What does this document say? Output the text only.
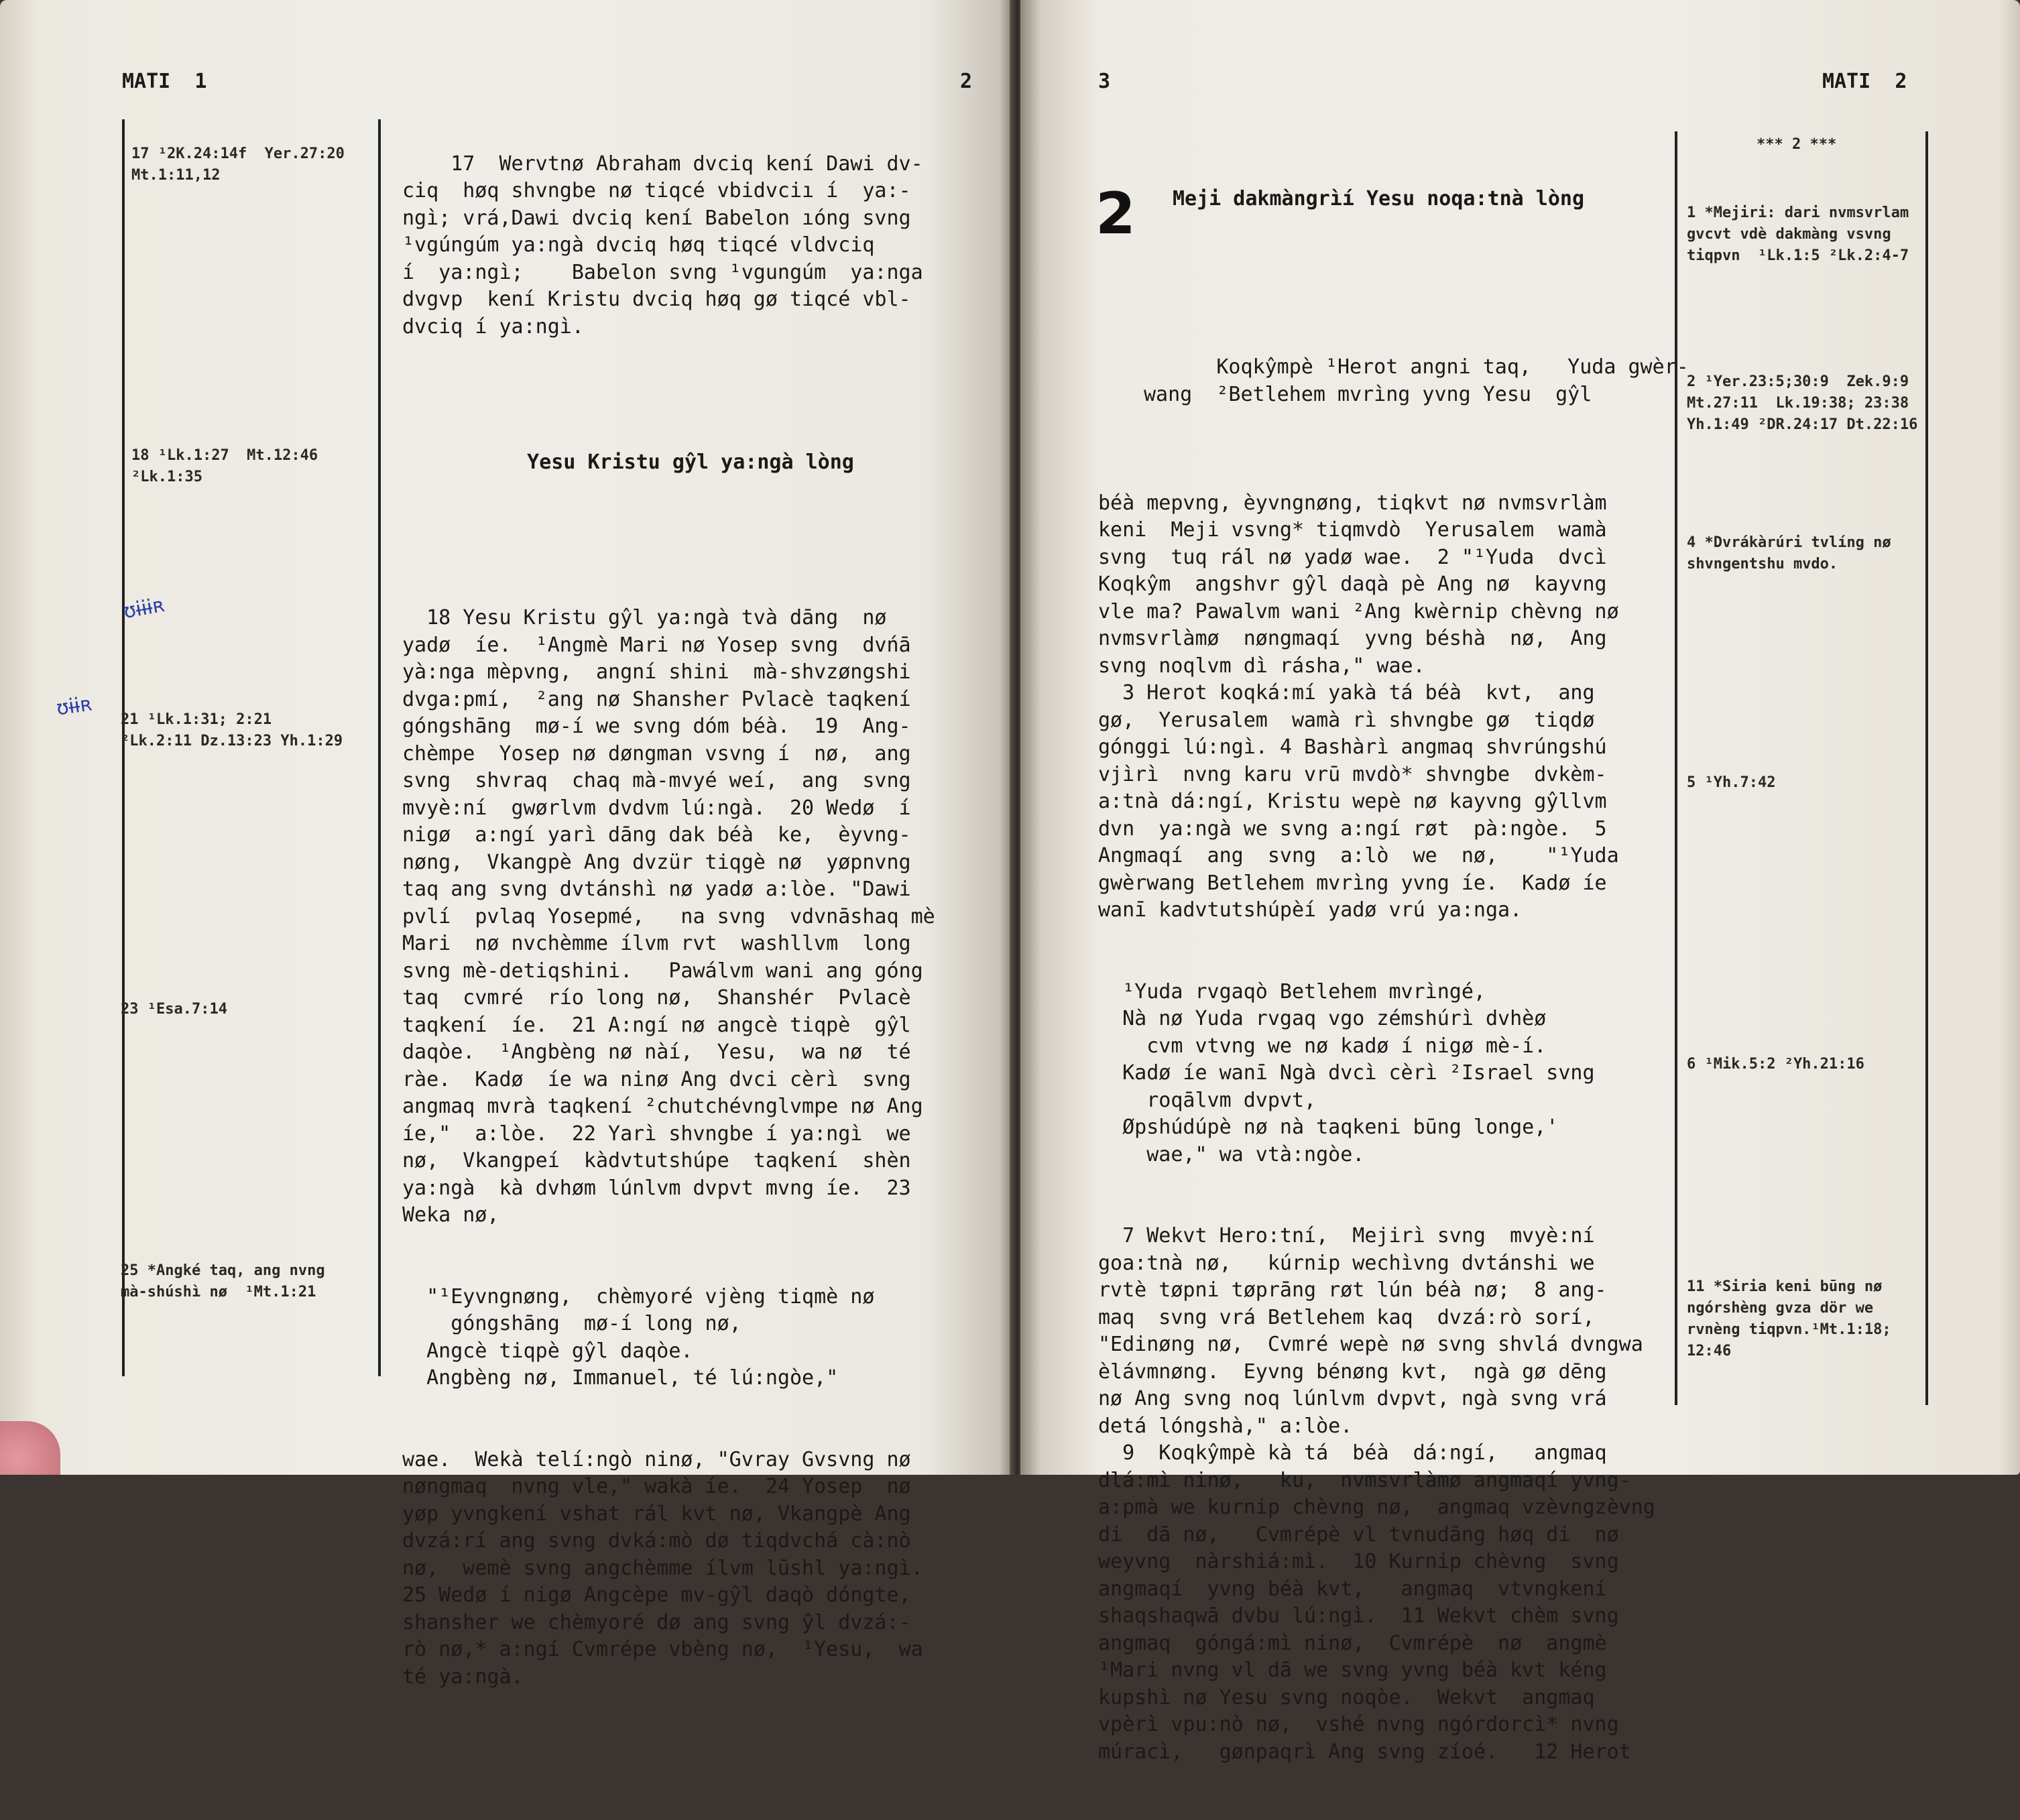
MATI  1	2
17 ¹2K.24:14f  Yer.27:20
Mt.1:11,12
18 ¹Lk.1:27  Mt.12:46
²Lk.1:35
21 ¹Lk.1:31; 2:21
²Lk.2:11 Dz.13:23 Yh.1:29
23 ¹Esa.7:14
25 *Angké taq, ang nvng
mà-shúshì nø  ¹Mt.1:21
ʊɨɨɨʀ
ʊɨɨʀ

17  Wervtnø Abraham dvciq kení Dawi dv-
ciq  høq shvngbe nø tiqcé vbidvciı í  ya:-
ngì; vrá,Dawi dvciq kení Babelon ıóng svng
¹vgúngúm ya:ngà dvciq høq tiqcé vldvciq
í  ya:ngì;    Babelon svng ¹vgungúm  ya:nga
dvgvp  kení Kristu dvciq høq gø tiqcé vbl-
dvciq í ya:ngì.

Yesu Kristu gŷl ya:ngà lòng

18 Yesu Kristu gŷl ya:ngà tvà dāng  nø
yadø  íe.  ¹Angmè Mari nø Yosep svng  dvńā
yà:nga mèpvng,  angní shini  mà-shvzøngshi
dvga:pmí,  ²ang nø Shansher Pvlacè taqkení
góngshāng  mø-í we svng dóm béà.  19  Ang-
chèmpe  Yosep nø døngman vsvng í  nø,  ang
svng  shvraq  chaq mà-mvyé weí,  ang  svng
mvyè:ní  gwørlvm dvdvm lú:ngà.  20 Wedø  í
nigø  a:ngí yarì dāng dak béà  ke,  èyvng-
nøng,  Vkangpè Ang dvzür tiqgè nø  yøpnvng
taq ang svng dvtánshì nø yadø a:lòe. "Dawi
pvlí  pvlaq Yosepmé,   na svng  vdvnāshaq mè
Mari  nø nvchèmme ílvm rvt  washllvm  long
svng mè-detiqshini.   Pawálvm wani ang góng
taq  cvmré  río long nø,  Shanshér  Pvlacè
taqkení  íe.  21 A:ngí nø angcè tiqpè  gŷl
daqòe.  ¹Angbèng nø nàí,  Yesu,  wa nø  té
ràe.  Kadø  íe wa ninø Ang dvci cèrì  svng
angmaq mvrà taqkení ²chutchévnglvmpe nø Ang
íe,"  a:lòe.  22 Yarì shvngbe í ya:ngì  we
nø,  Vkangpeí  kàdvtutshúpe  taqkení  shèn
ya:ngà  kà dvhøm lúnlvm dvpvt mvng íe.  23
Weka nø,

"¹Eyvngnøng,  chèmyoré vjèng tiqmè nø
góngshāng  mø-í long nø,
Angcè tiqpè gŷl daqòe.
Angbèng nø, Immanuel, té lú:ngòe,"

wae.  Wekà telí:ngò ninø, "Gvray Gvsvng nø
nøngmaq  nvng vle," wakà íe.  24 Yosep  nø
yøp yvngkení vshat rál kvt nø, Vkangpè Ang
dvzá:rí ang svng dvká:mò dø tiqdvchá cà:nò
nø,  wemè svng angchèmme ílvm lūshl ya:ngì.
25 Wedø í nigø Angcèpe mv-gŷl daqò dóngte,
shansher we chèmyoré dø ang svng ŷl dvzá:-
rò nø,* a:ngí Cvmrépe vbèng nø,  ¹Yesu,  wa
té ya:ngà.

3	MATI  2
*** 2 ***
1 *Mejiri: dari nvmsvrlam
gvcvt vdè dakmàng vsvng
tiqpvn  ¹Lk.1:5 ²Lk.2:4-7
2 ¹Yer.23:5;30:9  Zek.9:9
Mt.27:11  Lk.19:38; 23:38
Yh.1:49 ²DR.24:17 Dt.22:16
4 *Dvrákàrúri tvlíng nø
shvngentshu mvdo.
5 ¹Yh.7:42
6 ¹Mik.5:2 ²Yh.21:16
11 *Siria keni būng nø
ngórshèng gvza dör we
rvnèng tiqpvn.¹Mt.1:18;
12:46

Meji dakmàngrìí Yesu noqa:tnà lòng

Koqkŷmpè ¹Herot angni taq,   Yuda gwèr-
wang  ²Betlehem mvrìng yvng Yesu  gŷl

béà mepvng, èyvngnøng, tiqkvt nø nvmsvrlàm
keni  Meji vsvng* tiqmvdò  Yerusalem  wamà
svng  tuq rál nø yadø wae.  2 "¹Yuda  dvcì
Koqkŷm  angshvr gŷl daqà pè Ang nø  kayvng
vle ma? Pawalvm wani ²Ang kwèrnip chèvng nø
nvmsvrlàmø  nøngmaqí  yvng béshà  nø,  Ang
svng noqlvm dì rásha," wae.
3 Herot koqká:mí yakà tá béà  kvt,  ang
gø,  Yerusalem  wamà rì shvngbe gø  tiqdø
gónggi lú:ngì. 4 Bashàrì angmaq shvrúngshú
vjìrì  nvng karu vrū mvdò* shvngbe  dvkèm-
a:tnà dá:ngí, Kristu wepè nø kayvng gŷllvm
dvn  ya:ngà we svng a:ngí røt  pà:ngòe.  5
Angmaqí  ang  svng  a:lò  we  nø,    "¹Yuda
gwèrwang Betlehem mvrìng yvng íe.  Kadø íe
wanī kadvtutshúpèí yadø vrú ya:nga.

¹Yuda rvgaqò Betlehem mvrìngé,
Nà nø Yuda rvgaq vgo zémshúrì dvhèø
cvm vtvng we nø kadø í nigø mè-í.
Kadø íe wanī Ngà dvcì cèrì ²Israel svng
roqālvm dvpvt,
Øpshúdúpè nø nà taqkeni būng longe,'
wae," wa vtà:ngòe.

7 Wekvt Hero:tní,  Mejirì svng  mvyè:ní
goa:tnà nø,   kúrnip wechìvng dvtánshi we
rvtè tøpni tøprāng røt lún béà nø;  8 ang-
maq  svng vrá Betlehem kaq  dvzá:rò sorí,
"Edinøng nø,  Cvmré wepè nø svng shvlá dvngwa
èlávmnøng.  Eyvng bénøng kvt,  ngà gø dēng
nø Ang svng noq lúnlvm dvpvt, ngà svng vrá
detá lóngshà," a:lòe.
9  Koqkŷmpè kà tá  béà  dá:ngí,   angmaq
dlá:mì ninø,   ku,  nvmsvrlàmø angmaqí yvng-
a:pmà we kurnip chèvng nø,  angmaq vzèvngzèvng
di  dā nø,   Cvmrépè vl tvnudāng høq di  nø
weyvng  nàrshiá:mì.  10 Kurnip chèvng  svng
angmaqí  yvng béà kvt,   angmaq  vtvngkení
shaqshaqwā dvbu lú:ngì.  11 Wekvt chèm svng
angmaq  góngá:mì ninø,  Cvmrépè  nø  angmè
¹Mari nvng vl dā we svng yvng béà kvt kéng
kupshì nø Yesu svng noqòe.  Wekvt  angmaq
vpèrì vpu:nò nø,  vshé nvng ngórdorcì* nvng
múracì,   gønpaqrì Ang svng zíoé.   12 Herot

2
